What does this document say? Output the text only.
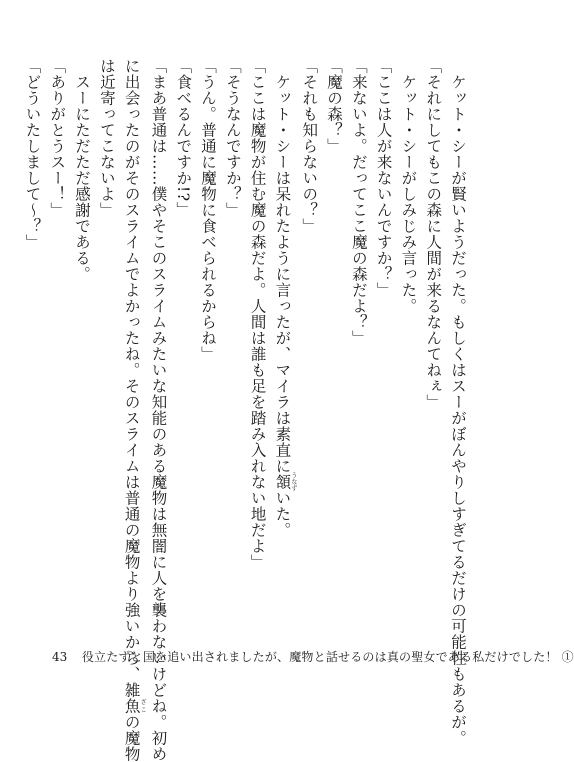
ケット・シーが賢いようだった。もしくはスーがぼんやりしすぎてるだけの可能性もあるが。

「それにしてもこの森に人間が来るなんてねぇ」

ケット・シーがしみじみ言った。

「ここは人が来ないんですか？」

「来ないよ。だってここ魔の森だよ？」

「魔の森？」

「それも知らないの？」

ケット・シーは呆れたように言ったが、マイラは素直に頷うなずいた。

「ここは魔物が住む魔の森だよ。人間は誰も足を踏み入れない地だよ」

「そうなんですか？」

「うん。普通に魔物に食べられるからね」

「食べるんですか!?」

「まあ普通は……僕やそこのスライムみたいな知能のある魔物は無闇に人を襲わないけどね。初め

に出会ったのがそのスライムでよかったね。そのスライムは普通の魔物より強いから、雑魚ざこの魔物

は近寄ってこないよ」

スーにただただ感謝である。

「ありがとうスー！」

「どういたしまして～？」

43 役立たずと国を追い出されましたが、魔物と話せるのは真の聖女である私だけでした！ ①
